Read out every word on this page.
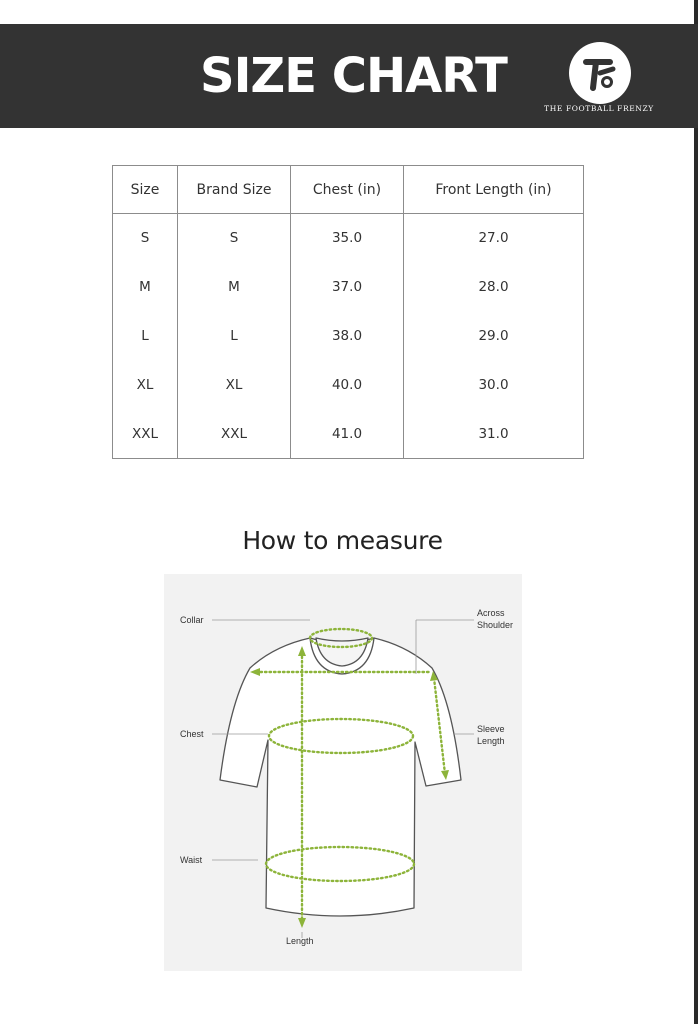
SIZE CHART
THE FOOTBALL FRENZY
Size	Brand Size	Chest (in)	Front Length (in)
S	S	35.0	27.0
M	M	37.0	28.0
L	L	38.0	29.0
XL	XL	40.0	30.0
XXL	XXL	41.0	31.0
How to measure
Collar
Across
Shoulder
Chest	Sleeve
Length
Waist
Length
